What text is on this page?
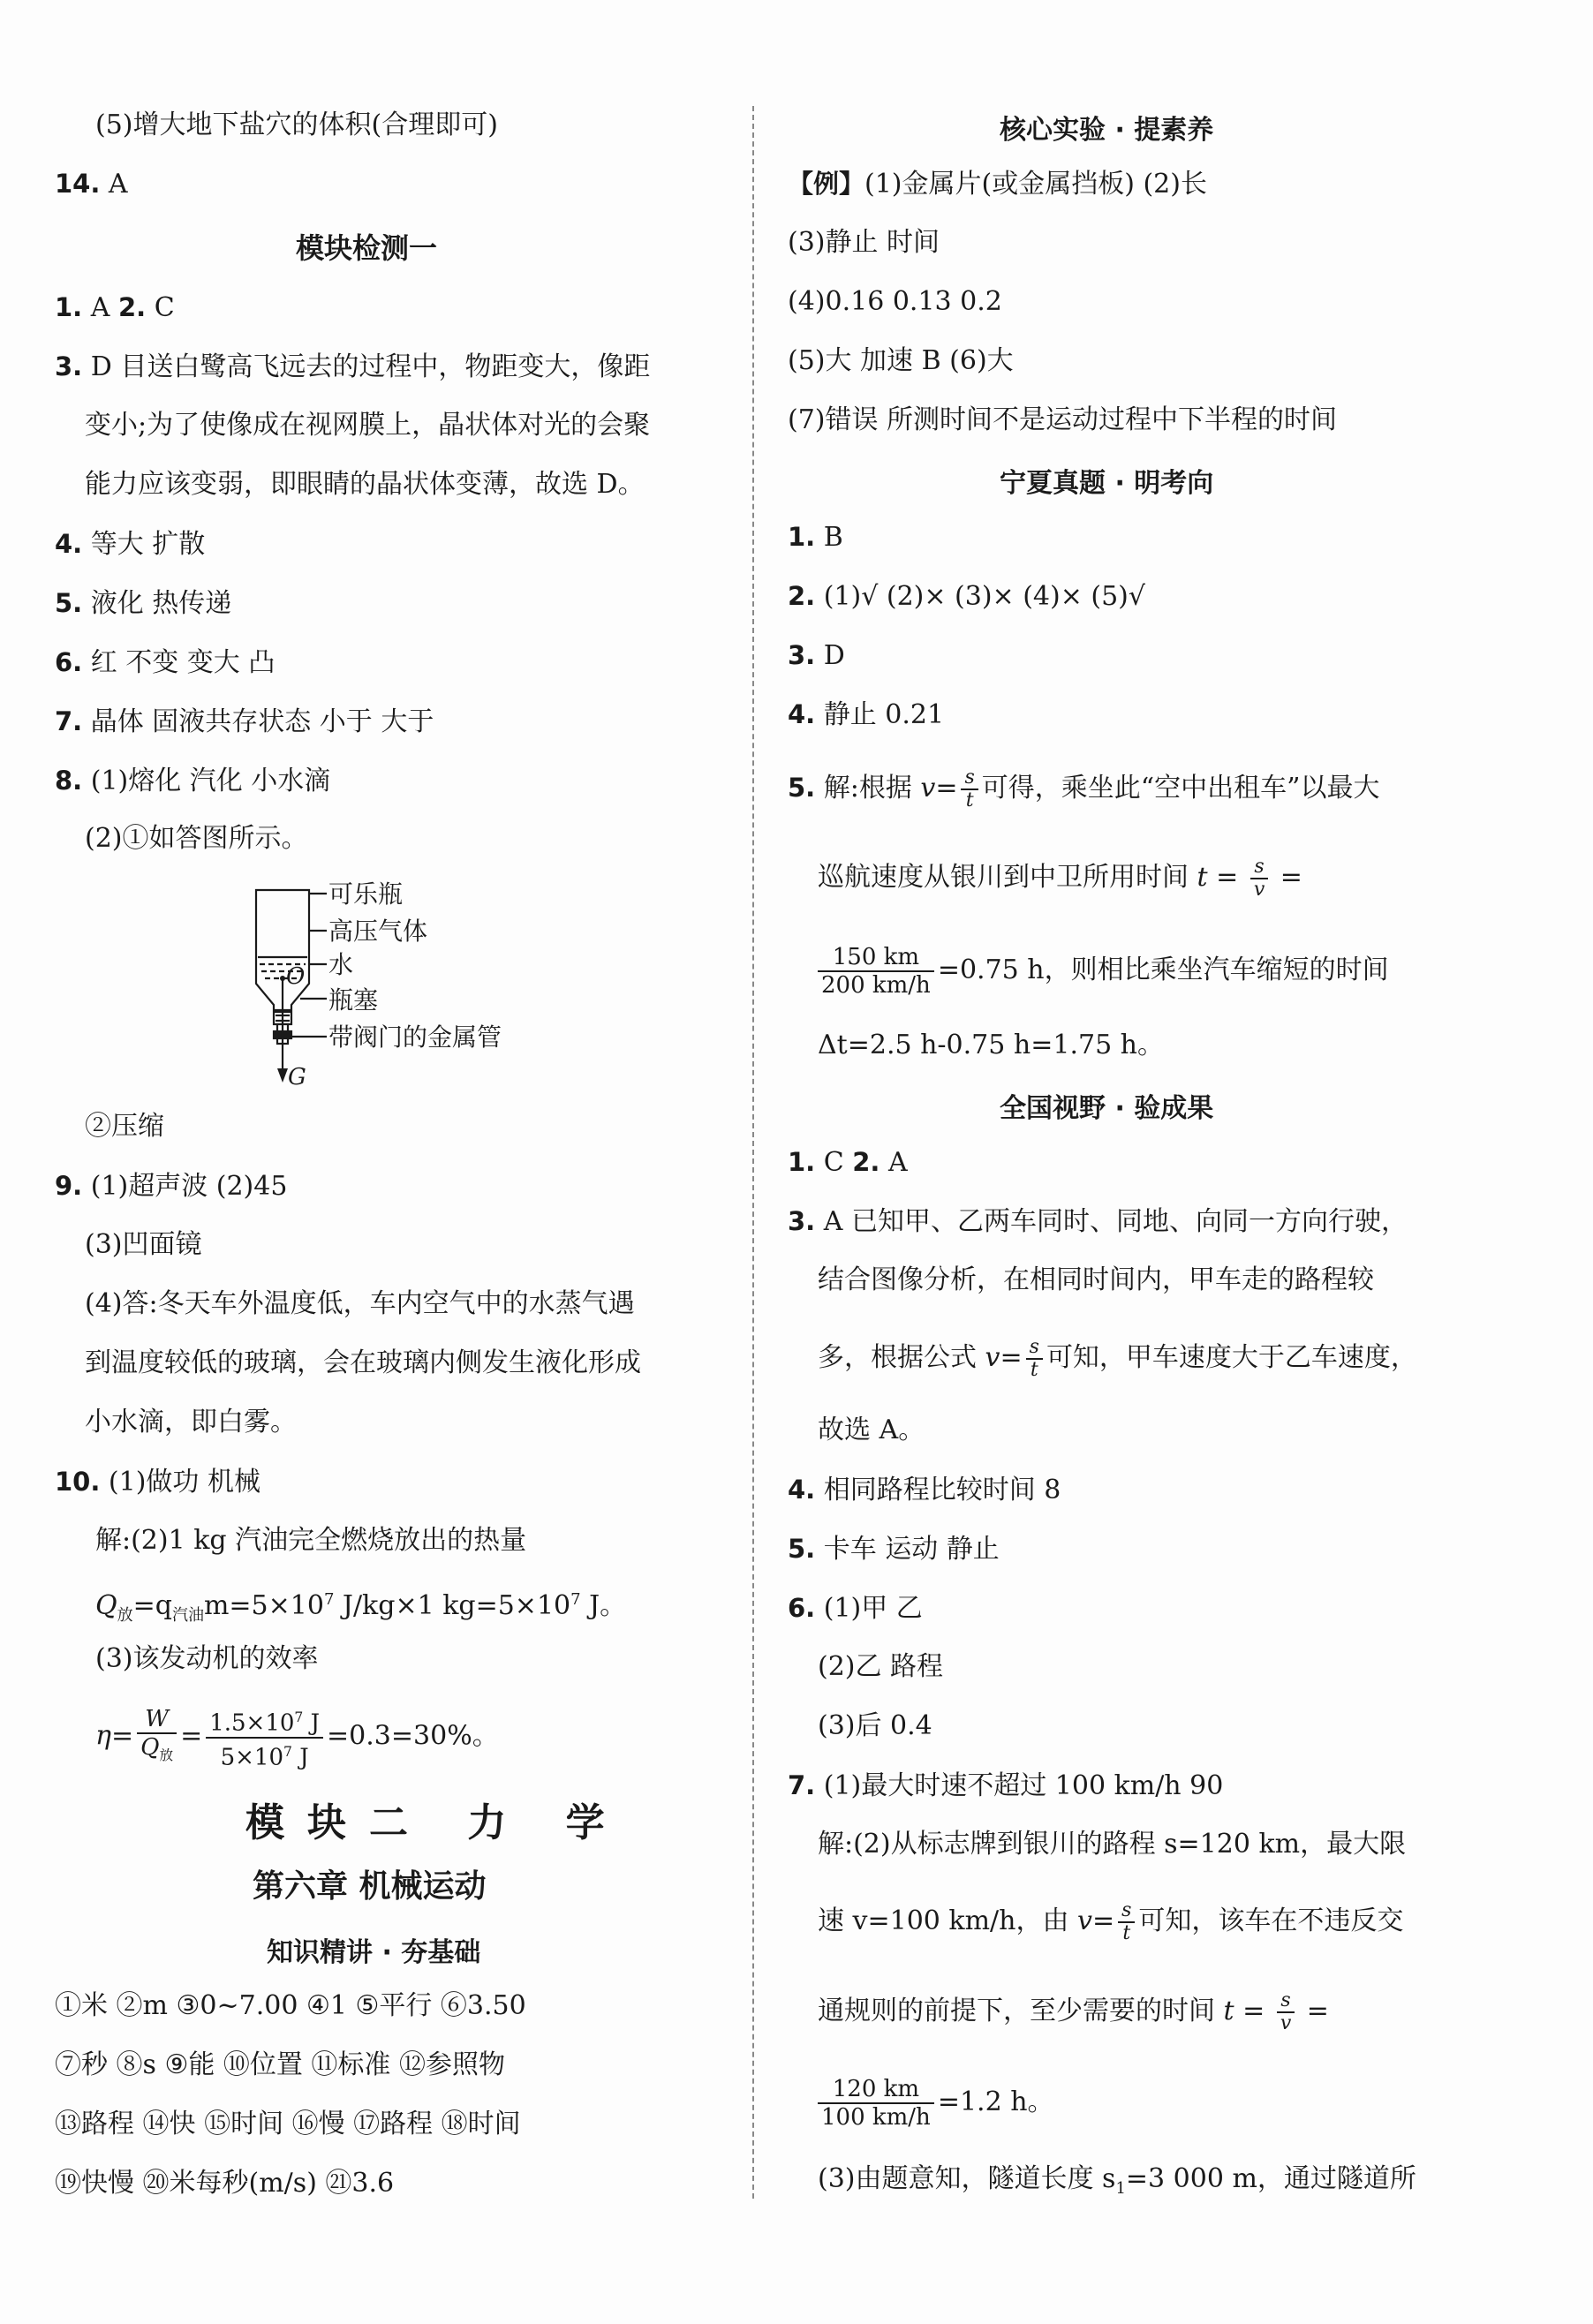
(5)增大地下盐穴的体积(合理即可)
14. A
模块检测一
1. A 2. C
3. D 目送白鹭高飞远去的过程中，物距变大，像距
变小;为了使像成在视网膜上，晶状体对光的会聚
能力应该变弱，即眼睛的晶状体变薄，故选 D。
4. 等大 扩散
5. 液化 热传递
6. 红 不变 变大 凸
7. 晶体 固液共存状态 小于 大于
8. (1)熔化 汽化 小水滴
(2)①如答图所示。
可乐瓶
高压气体
水
瓶塞
带阀门的金属管
O
G
②压缩
9. (1)超声波 (2)45
(3)凹面镜
(4)答:冬天车外温度低，车内空气中的水蒸气遇
到温度较低的玻璃，会在玻璃内侧发生液化形成
小水滴，即白雾。
10. (1)做功 机械
解:(2)1 kg 汽油完全燃烧放出的热量
$Q_放=q_{汽油}m=5\times 10^7$ J/kg×1 $kg=5\times 10^7$ J。
(3)该发动机的效率
$\eta= \frac{W}{Q_放} = \frac{1.5\times 10^7 J}{5\times 10^7 J} =0.3=30\%$。
模块二 力 学
第六章 机械运动
知识精讲 · 夯基础
①米 ②m ③0~7.00 ④1 ⑤平行 ⑥3.50
⑦秒 ⑧s ⑨能 ⑩位置 ⑪标准 ⑫参照物
⑬路程 ⑭快 ⑮时间 ⑯慢 ⑰路程 ⑱时间
⑲快慢 ⑳米每秒(m/s) ㉑3.6
核心实验 · 提素养
【例】(1)金属片(或金属挡板) (2)长
(3)静止 时间
(4)0.16 0.13 0.2
(5)大 加速 B (6)大
(7)错误 所测时间不是运动过程中下半程的时间
宁夏真题 · 明考向
1. B
2. (1)√ (2)× (3)× (4)× (5)√
3. D
4. 静止 0.21
5. 解:根据 $v= \frac{s}{t}$ 可得，乘坐此“空中出租车”以最大
巡航速度从银川到中卫所用时间 $t = \frac{s}{v}$ =
$\frac{150 km}{200 km/h} =0.75$ h，则相比乘坐汽车缩短的时间
Δt=2.5 h-0.75 h=1.75 h。
全国视野 · 验成果
1. C 2. A
3. A 已知甲、乙两车同时、同地、向同一方向行驶，
结合图像分析，在相同时间内，甲车走的路程较
多，根据公式 $v= \frac{s}{t}$ 可知，甲车速度大于乙车速度，
故选 A。
4. 相同路程比较时间 8
5. 卡车 运动 静止
6. (1)甲 乙
(2)乙 路程
(3)后 0.4
7. (1)最大时速不超过 100 km/h 90
解:(2)从标志牌到银川的路程 s=120 km，最大限
速 v=100 km/h，由 $v= \frac{s}{t}$ 可知，该车在不违反交
通规则的前提下，至少需要的时间 $t = \frac{s}{v}$ =
$\frac{120 km}{100 km/h} =1.2$ h。
(3)由题意知，隧道长度 $s_1=3$ 000 m，通过隧道所
